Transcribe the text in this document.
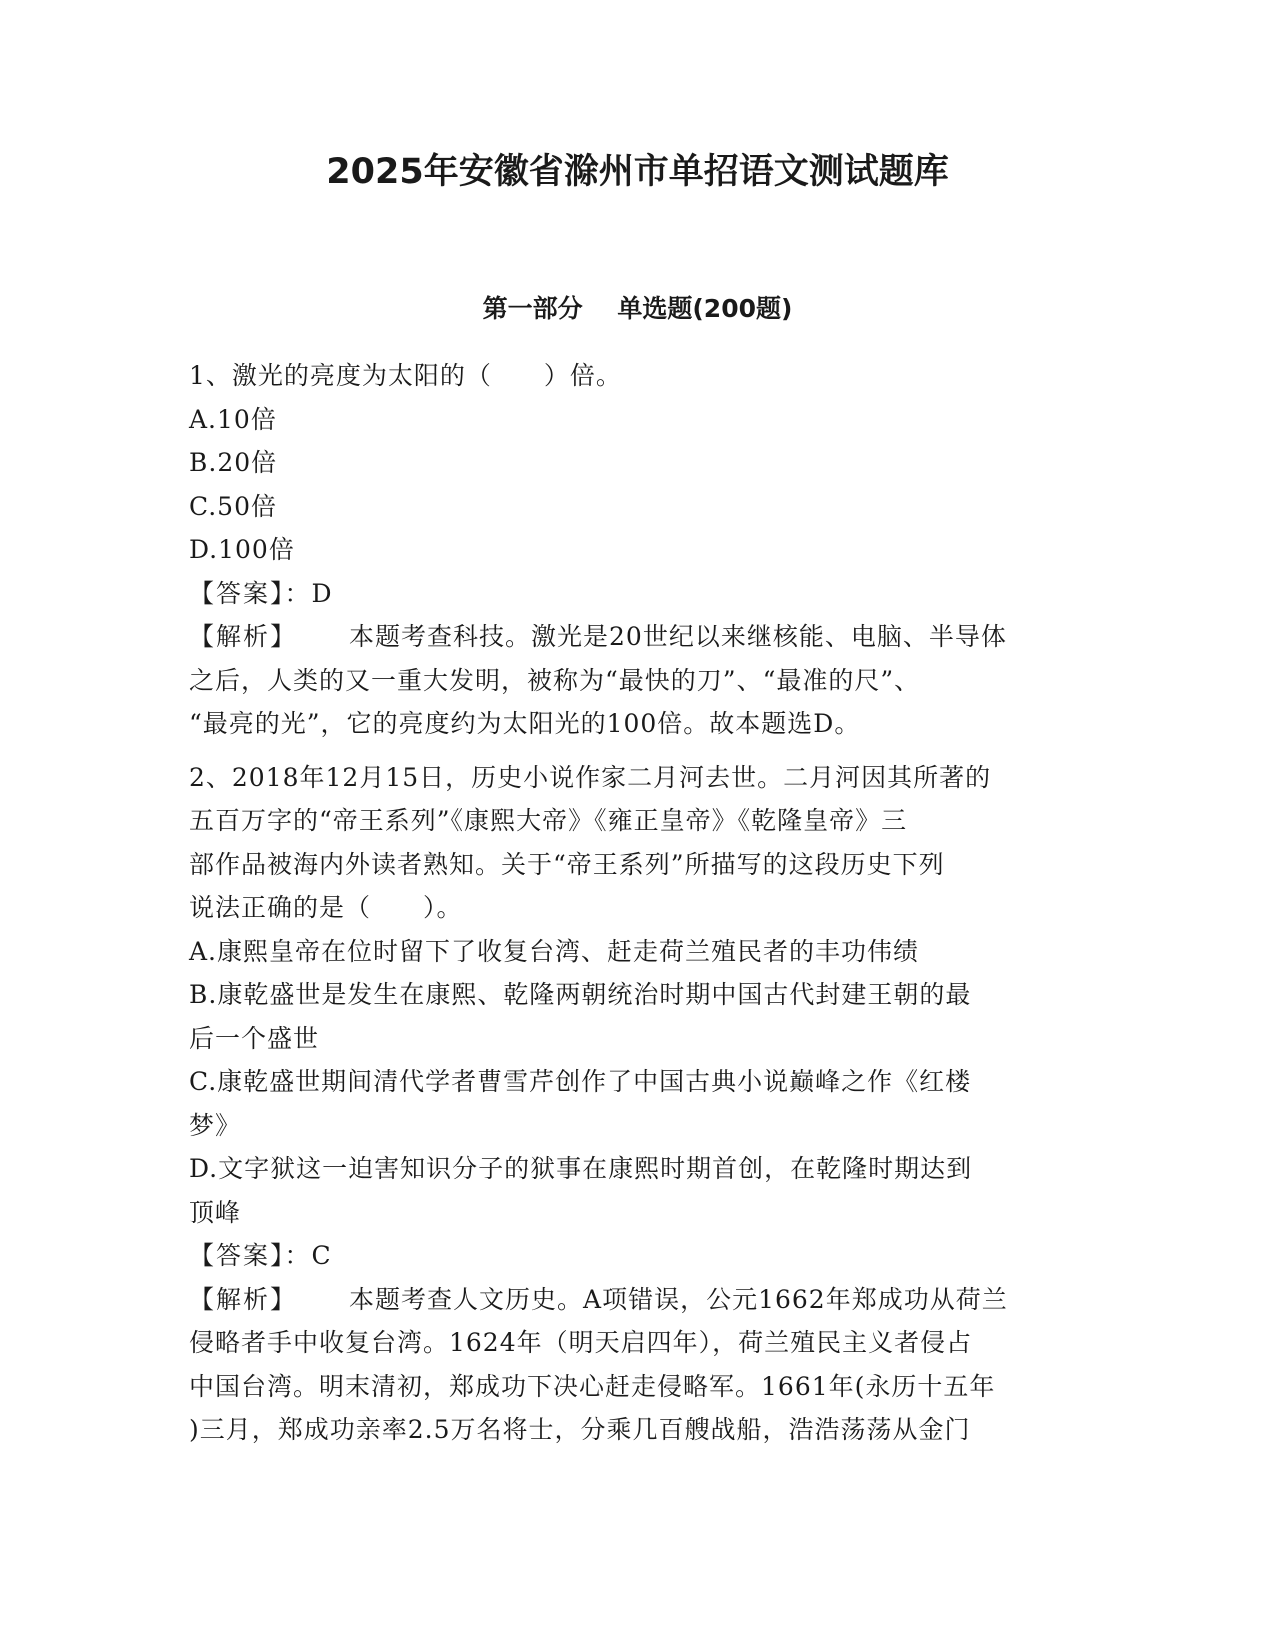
2025年安徽省滁州市单招语文测试题库
第一部分    单选题(200题)

1、激光的亮度为太阳的（　　）倍。

A.10倍

B.20倍

C.50倍

D.100倍

【答案】：D

【解析】   本题考查科技。激光是20世纪以来继核能、电脑、半导体

之后，人类的又一重大发明，被称为“最快的刀”、“最准的尺”、

“最亮的光”，它的亮度约为太阳光的100倍。故本题选D。

2、2018年12月15日，历史小说作家二月河去世。二月河因其所著的

五百万字的“帝王系列”《康熙大帝》《雍正皇帝》《乾隆皇帝》三

部作品被海内外读者熟知。关于“帝王系列”所描写的这段历史下列

说法正确的是（　　）。

A.康熙皇帝在位时留下了收复台湾、赶走荷兰殖民者的丰功伟绩

B.康乾盛世是发生在康熙、乾隆两朝统治时期中国古代封建王朝的最

后一个盛世

C.康乾盛世期间清代学者曹雪芹创作了中国古典小说巅峰之作《红楼

梦》

D.文字狱这一迫害知识分子的狱事在康熙时期首创，在乾隆时期达到

顶峰

【答案】：C

【解析】   本题考查人文历史。A项错误，公元1662年郑成功从荷兰

侵略者手中收复台湾。1624年（明天启四年），荷兰殖民主义者侵占

中国台湾。明末清初，郑成功下决心赶走侵略军。1661年(永历十五年

)三月，郑成功亲率2.5万名将士，分乘几百艘战船，浩浩荡荡从金门
